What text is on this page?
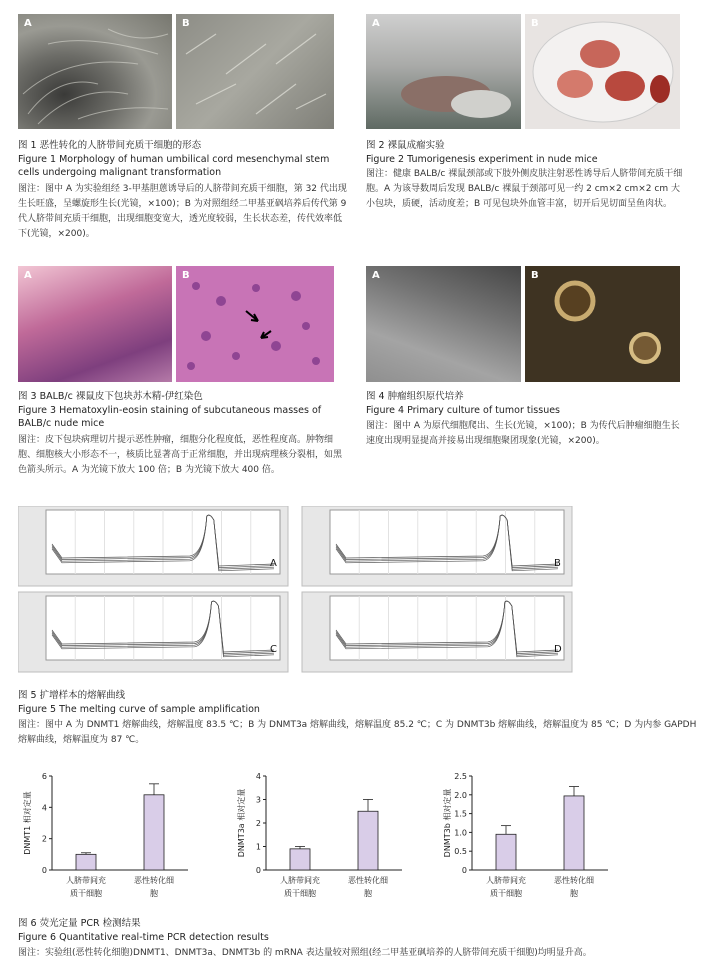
A	B
图 1 恶性转化的人脐带间充质干细胞的形态
Figure 1 Morphology of human umbilical cord mesenchymal stem cells undergoing malignant transformation
图注：图中 A 为实验组经 3-甲基胆蒽诱导后的人脐带间充质干细胞，第 32 代出现生长旺盛，呈螺旋形生长(光镜，×100)；B 为对照组经二甲基亚砜培养后传代第 9 代人脐带间充质干细胞，出现细胞变宽大，透光度较弱，生长状态差，传代效率低下(光镜，×200)。
A	B
图 2 裸鼠成瘤实验
Figure 2 Tumorigenesis experiment in nude mice
图注：健康 BALB/c 裸鼠颈部或下肢外侧皮肤注射恶性诱导后人脐带间充质干细胞。A 为该导数周后发现 BALB/c 裸鼠于颈部可见一约 2 cm×2 cm×2 cm 大小包块，质硬，活动度差；B 可见包块外血管丰富，切开后见切面呈鱼肉状。
A	B
图 3 BALB/c 裸鼠皮下包块苏木精-伊红染色
Figure 3 Hematoxylin-eosin staining of subcutaneous masses of BALB/c nude mice
图注：皮下包块病理切片提示恶性肿瘤，细胞分化程度低，恶性程度高。肿物细胞、细胞核大小形态不一，核质比显著高于正常细胞，并出现病理核分裂相，如黑色箭头所示。A 为光镜下放大 100 倍；B 为光镜下放大 400 倍。
A	B
图 4 肿瘤组织原代培养
Figure 4 Primary culture of tumor tissues
图注：图中 A 为原代细胞爬出、生长(光镜，×100)；B 为传代后肿瘤细胞生长速度出现明显提高并接易出现细胞聚团现象(光镜，×200)。
A	B
C	D
图 5 扩增样本的熔解曲线
Figure 5 The melting curve of sample amplification
图注：图中 A 为 DNMT1 熔解曲线，熔解温度 83.5 ℃；B 为 DNMT3a 熔解曲线，熔解温度 85.2 ℃；C 为 DNMT3b 熔解曲线，熔解温度为 85 ℃；D 为内参 GAPDH 熔解曲线，熔解温度为 87 ℃。
0
2
4
6
DNMT1 相对定量
人脐带间充
质干细胞
恶性转化细
胞
0
1
2
3
4
DNMT3a 相对定量
人脐带间充
质干细胞
恶性转化细
胞
0
0.5
1.0
1.5
2.0
2.5
DNMT3b 相对定量
人脐带间充
质干细胞
恶性转化细
胞
图 6 荧光定量 PCR 检测结果
Figure 6 Quantitative real-time PCR detection results
图注：实验组(恶性转化细胞)DNMT1、DNMT3a、DNMT3b 的 mRNA 表达量较对照组(经二甲基亚砜培养的人脐带间充质干细胞)均明显升高。
